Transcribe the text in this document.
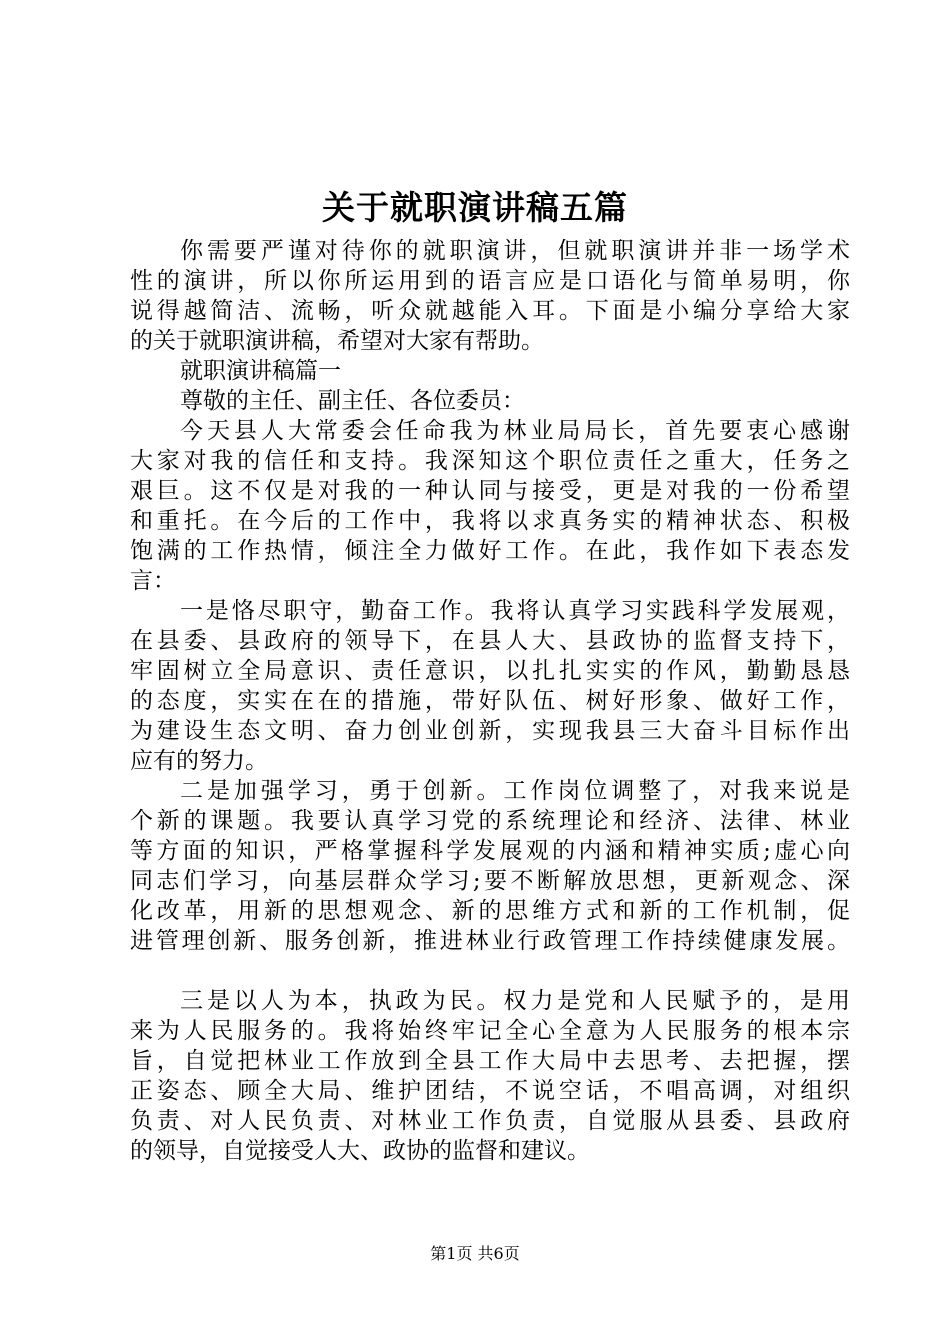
关于就职演讲稿五篇
你需要严谨对待你的就职演讲，但就职演讲并非一场学术
性的演讲，所以你所运用到的语言应是口语化与简单易明，你
说得越简洁、流畅，听众就越能入耳。下面是小编分享给大家
的关于就职演讲稿，希望对大家有帮助。
就职演讲稿篇一
尊敬的主任、副主任、各位委员：
今天县人大常委会任命我为林业局局长，首先要衷心感谢
大家对我的信任和支持。我深知这个职位责任之重大，任务之
艰巨。这不仅是对我的一种认同与接受，更是对我的一份希望
和重托。在今后的工作中，我将以求真务实的精神状态、积极
饱满的工作热情，倾注全力做好工作。在此，我作如下表态发
言：
一是恪尽职守，勤奋工作。我将认真学习实践科学发展观，
在县委、县政府的领导下，在县人大、县政协的监督支持下，
牢固树立全局意识、责任意识，以扎扎实实的作风，勤勤恳恳
的态度，实实在在的措施，带好队伍、树好形象、做好工作，
为建设生态文明、奋力创业创新，实现我县三大奋斗目标作出
应有的努力。
二是加强学习，勇于创新。工作岗位调整了，对我来说是
个新的课题。我要认真学习党的系统理论和经济、法律、林业
等方面的知识，严格掌握科学发展观的内涵和精神实质;虚心向
同志们学习，向基层群众学习;要不断解放思想，更新观念、深
化改革，用新的思想观念、新的思维方式和新的工作机制，促
进管理创新、服务创新，推进林业行政管理工作持续健康发展。
三是以人为本，执政为民。权力是党和人民赋予的，是用
来为人民服务的。我将始终牢记全心全意为人民服务的根本宗
旨，自觉把林业工作放到全县工作大局中去思考、去把握，摆
正姿态、顾全大局、维护团结，不说空话，不唱高调，对组织
负责、对人民负责、对林业工作负责，自觉服从县委、县政府
的领导，自觉接受人大、政协的监督和建议。
第1页 共6页
